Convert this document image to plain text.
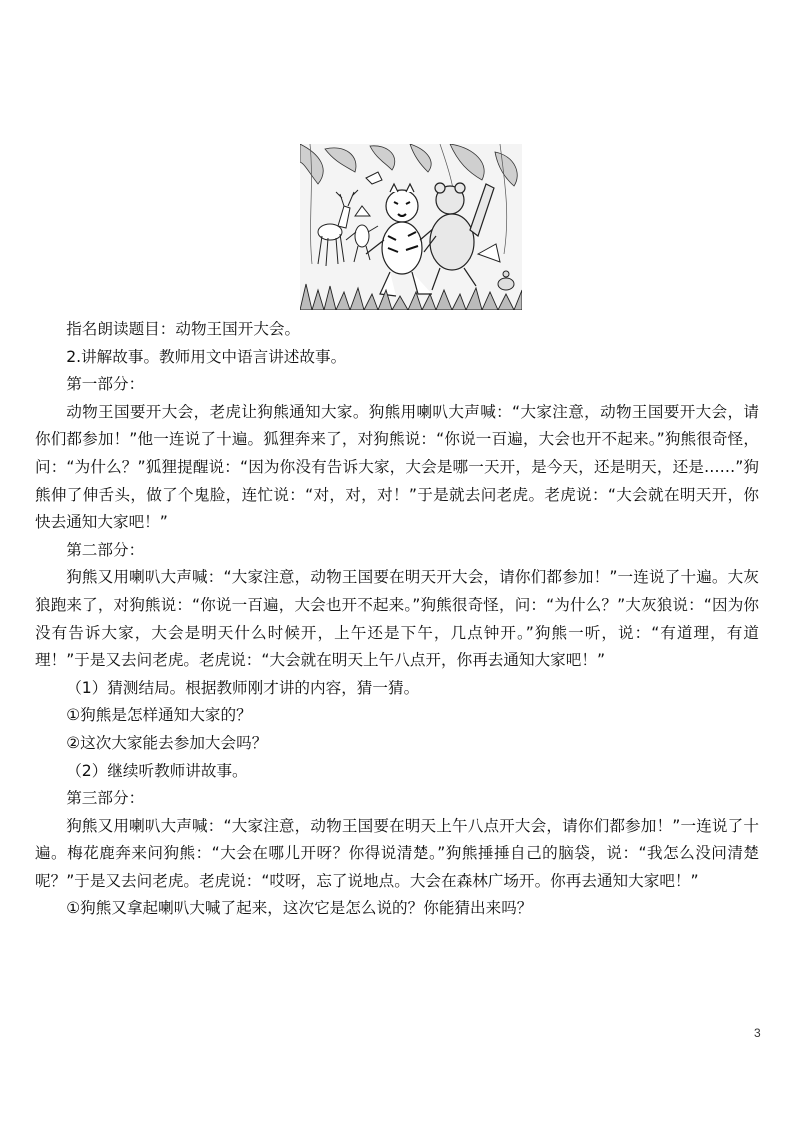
指名朗读题目：动物王国开大会。

2.讲解故事。教师用文中语言讲述故事。

第一部分：

动物王国要开大会，老虎让狗熊通知大家。狗熊用喇叭大声喊：“大家注意，动物王国要开大会，请你们都参加！”他一连说了十遍。狐狸奔来了，对狗熊说：“你说一百遍，大会也开不起来。”狗熊很奇怪，问：“为什么？”狐狸提醒说：“因为你没有告诉大家，大会是哪一天开，是今天，还是明天，还是……”狗熊伸了伸舌头，做了个鬼脸，连忙说：“对，对，对！”于是就去问老虎。老虎说：“大会就在明天开，你快去通知大家吧！”

第二部分：

狗熊又用喇叭大声喊：“大家注意，动物王国要在明天开大会，请你们都参加！”一连说了十遍。大灰狼跑来了，对狗熊说：“你说一百遍，大会也开不起来。”狗熊很奇怪，问：“为什么？”大灰狼说：“因为你没有告诉大家，大会是明天什么时候开，上午还是下午，几点钟开。”狗熊一听，说：“有道理，有道理！”于是又去问老虎。老虎说：“大会就在明天上午八点开，你再去通知大家吧！”

（1）猜测结局。根据教师刚才讲的内容，猜一猜。

①狗熊是怎样通知大家的？

②这次大家能去参加大会吗？

（2）继续听教师讲故事。

第三部分：

狗熊又用喇叭大声喊：“大家注意，动物王国要在明天上午八点开大会，请你们都参加！”一连说了十遍。梅花鹿奔来问狗熊：“大会在哪儿开呀？你得说清楚。”狗熊捶捶自己的脑袋，说：“我怎么没问清楚呢？”于是又去问老虎。老虎说：“哎呀，忘了说地点。大会在森林广场开。你再去通知大家吧！”

①狗熊又拿起喇叭大喊了起来，这次它是怎么说的？你能猜出来吗？

3
